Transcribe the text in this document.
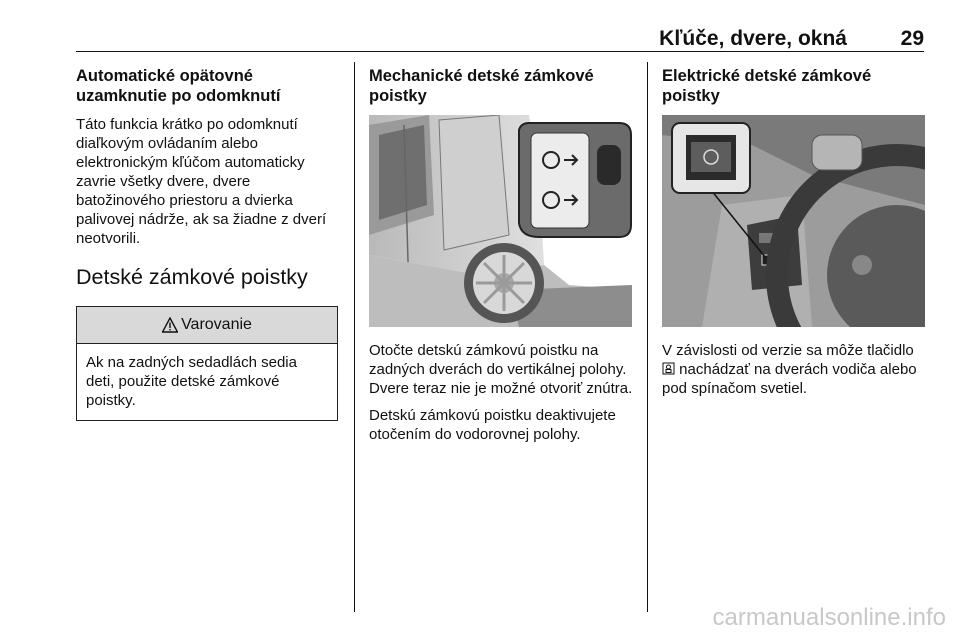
Kľúče, dvere, okná	29
Automatické opätovné uzamknutie po odomknutí

Táto funkcia krátko po odomknutí diaľkovým ovládaním alebo elektronickým kľúčom automaticky zavrie všetky dvere, dvere batožinového priestoru a dvierka palivovej nádrže, ak sa žiadne z dverí neotvorili.

Detské zámkové poistky
Varovanie

Ak na zadných sedadlách sedia deti, použite detské zámkové poistky.

Mechanické detské zámkové poistky

Otočte detskú zámkovú poistku na zadných dverách do vertikálnej polohy. Dvere teraz nie je možné otvoriť znútra.

Detskú zámkovú poistku deaktivujete otočením do vodorovnej polohy.

Elektrické detské zámkové poistky

V závislosti od verzie sa môže tlačidlo
nachádzať na dverách vodiča alebo pod spínačom svetiel.

carmanualsonline.info
